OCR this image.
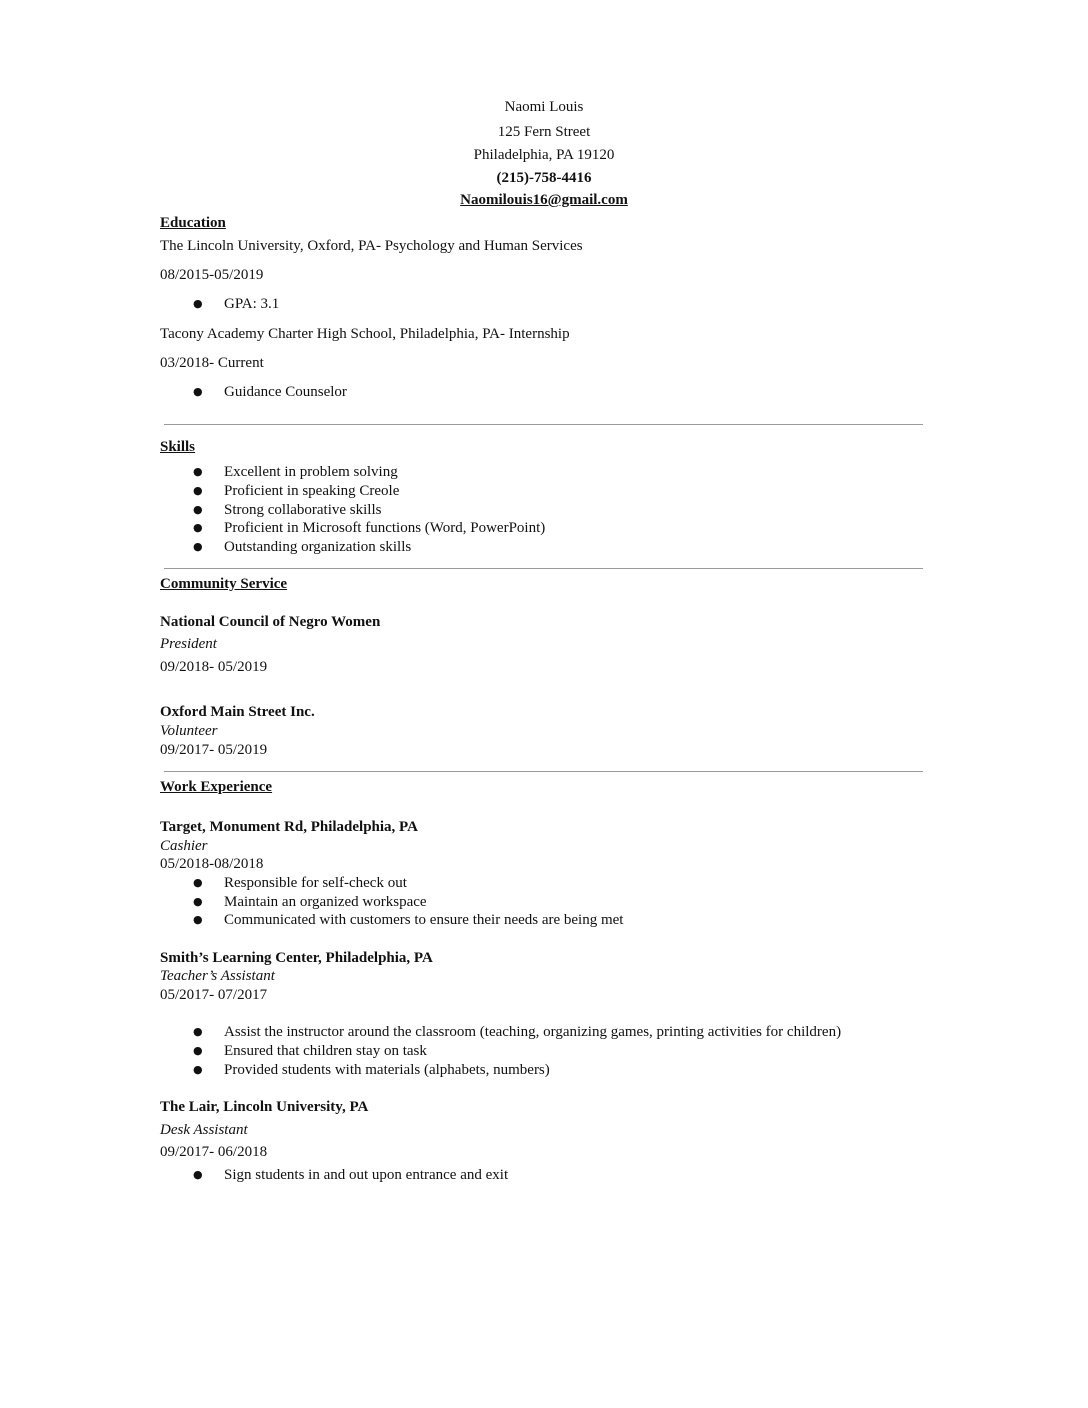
Naomi Louis
125 Fern Street
Philadelphia, PA 19120
(215)-758-4416
Naomilouis16@gmail.com
Education
The Lincoln University, Oxford, PA- Psychology and Human Services
08/2015-05/2019
● GPA: 3.1
Tacony Academy Charter High School, Philadelphia, PA- Internship
03/2018- Current
● Guidance Counselor
Skills
● Excellent in problem solving
● Proficient in speaking Creole
● Strong collaborative skills
● Proficient in Microsoft functions (Word, PowerPoint)
● Outstanding organization skills
Community Service
National Council of Negro Women
President
09/2018- 05/2019
Oxford Main Street Inc.
Volunteer
09/2017- 05/2019
Work Experience
Target, Monument Rd, Philadelphia, PA
Cashier
05/2018-08/2018
● Responsible for self-check out
● Maintain an organized workspace
● Communicated with customers to ensure their needs are being met
Smith’s Learning Center, Philadelphia, PA
Teacher’s Assistant
05/2017- 07/2017
● Assist the instructor around the classroom (teaching, organizing games, printing activities for children)
● Ensured that children stay on task
● Provided students with materials (alphabets, numbers)
The Lair, Lincoln University, PA
Desk Assistant
09/2017- 06/2018
● Sign students in and out upon entrance and exit
